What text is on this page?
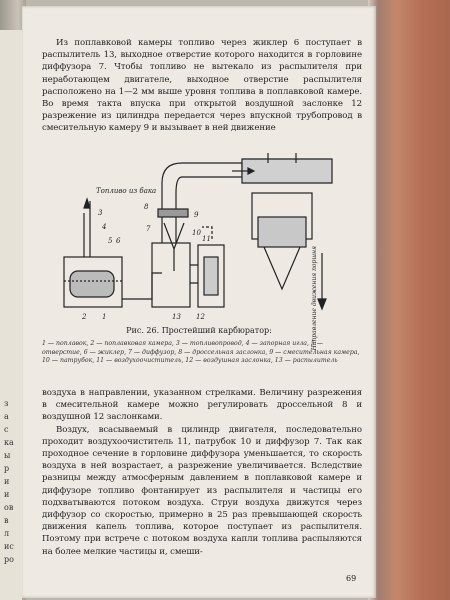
з
а
с
ка
ы
р
и
и
ов
в
л
ис
ро

Из поплавковой камеры топливо через жиклер 6 поступает в распылитель 13, выходное отверстие которого находится в горловине диффузора 7. Чтобы топливо не вытекало из распылителя при неработающем двигателе, выходное отверстие распылителя расположено на 1—2 мм выше уровня топлива в поплавковой камере. Во время такта впуска при открытой воздушной заслонке 12 разрежение из цилиндра передается через впускной трубопровод в смесительную камеру 9 и вызывает в ней движение

Топливо из бака
3
4
5 6
8
9
7	10
11
2 1	13 12	Направление движения поршня
Рис. 26. Простейший карбюратор:
1 — поплавок, 2 — поплавковая камера, 3 — топливопровод, 4 — запорная игла, 5 — отверстие, 6 — жиклер, 7 — диффузор, 8 — дроссельная заслонка, 9 — смесительная камера, 10 — патрубок, 11 — воздухоочиститель, 12 — воздушная заслонка, 13 — распылитель

воздуха в направлении, указанном стрелками. Величину разрежения в смесительной камере можно регулировать дроссельной 8 и воздушной 12 заслонками.

Воздух, всасываемый в цилиндр двигателя, последовательно проходит воздухоочиститель 11, патрубок 10 и диффузор 7. Так как проходное сечение в горловине диффузора уменьшается, то скорость воздуха в ней возрастает, а разрежение увеличивается. Вследствие разницы между атмосферным давлением в поплавковой камере и диффузоре топливо фонтанирует из распылителя и частицы его подхватываются потоком воздуха. Струи воздуха движутся через диффузор со скоростью, примерно в 25 раз превышающей скорость движения капель топлива, которое поступает из распылителя. Поэтому при встрече с потоком воздуха капли топлива распыляются на более мелкие частицы и, смеши-

69
